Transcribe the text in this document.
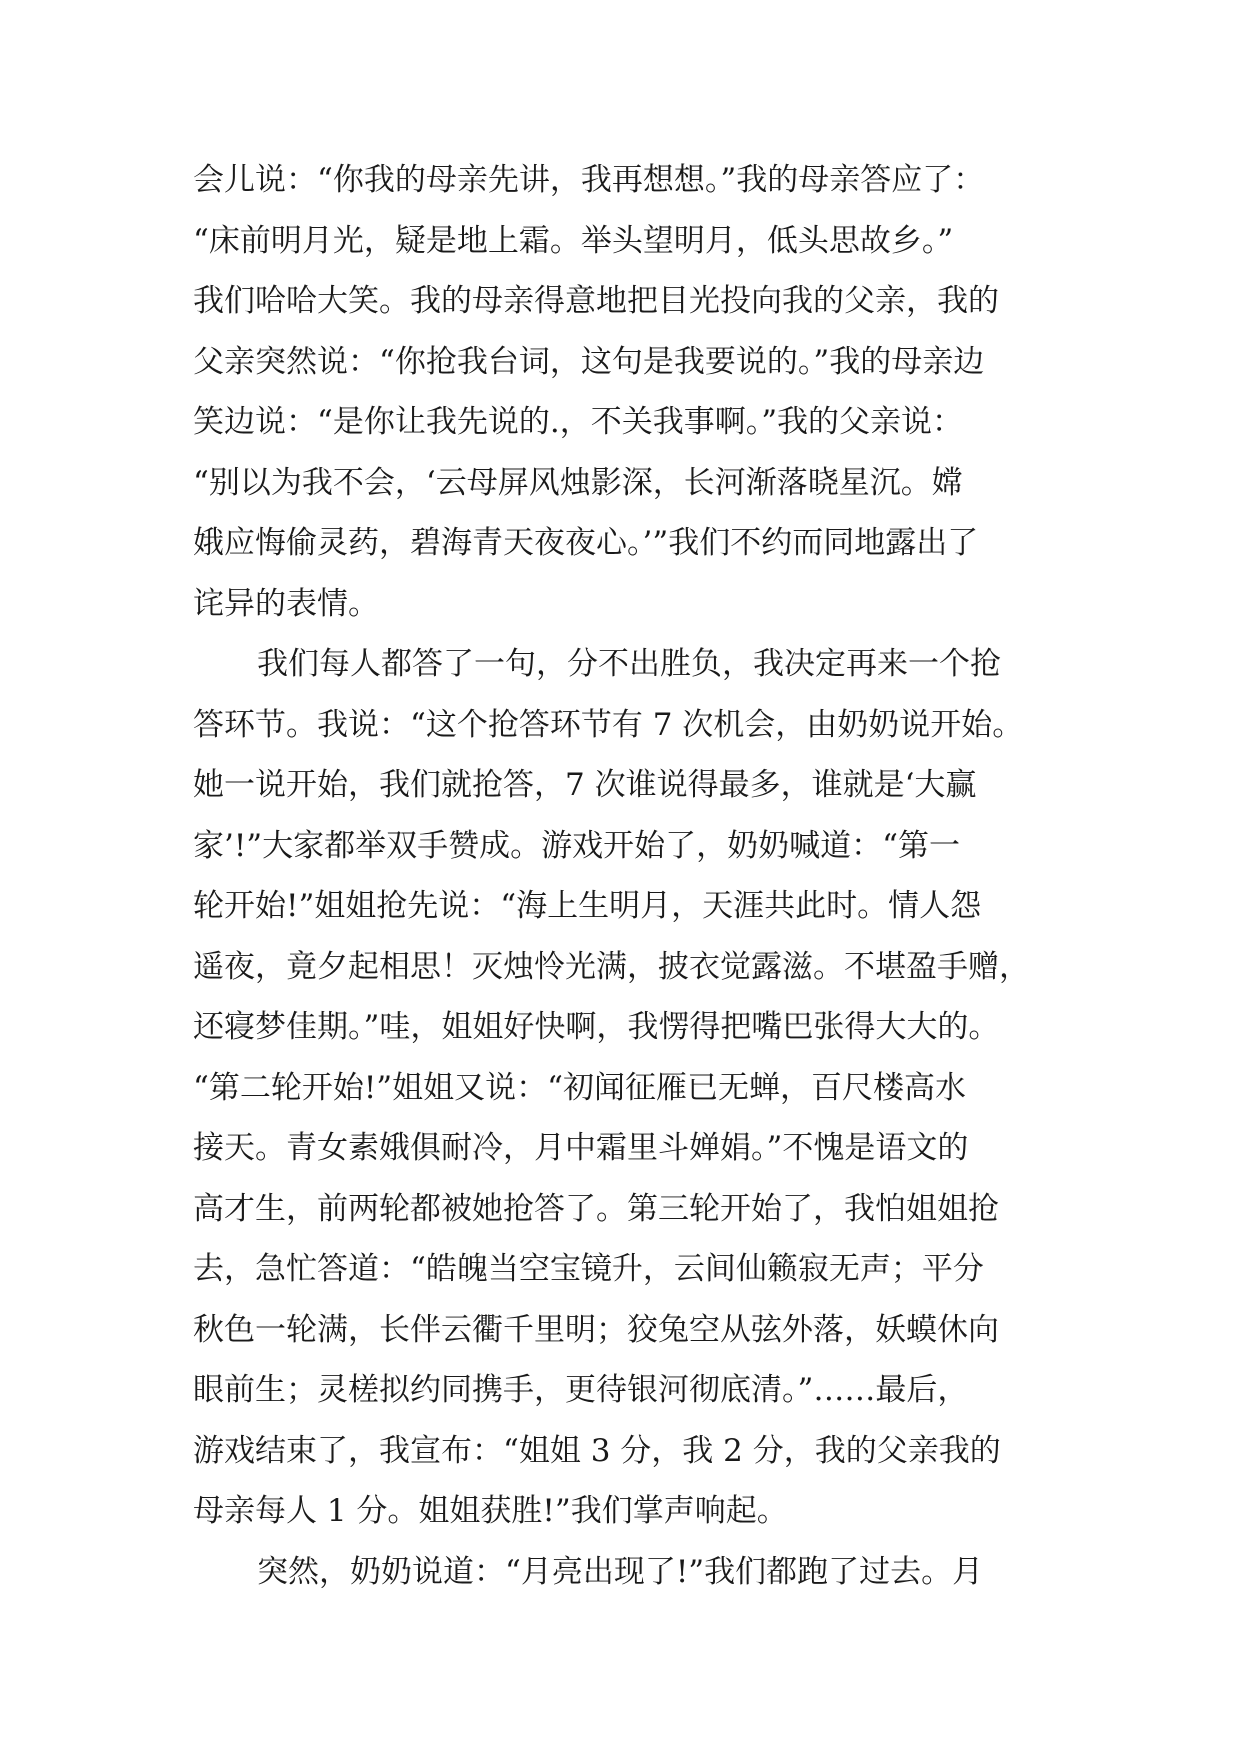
会儿说：“你我的母亲先讲，我再想想。”我的母亲答应了：
“床前明月光，疑是地上霜。举头望明月，低头思故乡。”
我们哈哈大笑。我的母亲得意地把目光投向我的父亲，我的
父亲突然说：“你抢我台词，这句是我要说的。”我的母亲边
笑边说：“是你让我先说的.，不关我事啊。”我的父亲说：
“别以为我不会，‘云母屏风烛影深，长河渐落晓星沉。嫦
娥应悔偷灵药，碧海青天夜夜心。’”我们不约而同地露出了
诧异的表情。
我们每人都答了一句，分不出胜负，我决定再来一个抢
答环节。我说：“这个抢答环节有 7 次机会，由奶奶说开始。
她一说开始，我们就抢答，7 次谁说得最多，谁就是‘大赢
家’!”大家都举双手赞成。游戏开始了，奶奶喊道：“第一
轮开始!”姐姐抢先说：“海上生明月，天涯共此时。情人怨
遥夜，竟夕起相思！灭烛怜光满，披衣觉露滋。不堪盈手赠，
还寝梦佳期。”哇，姐姐好快啊，我愣得把嘴巴张得大大的。
“第二轮开始!”姐姐又说：“初闻征雁已无蝉，百尺楼高水
接天。青女素娥俱耐冷，月中霜里斗婵娟。”不愧是语文的
高才生，前两轮都被她抢答了。第三轮开始了，我怕姐姐抢
去，急忙答道：“皓魄当空宝镜升，云间仙籁寂无声；平分
秋色一轮满，长伴云衢千里明；狡兔空从弦外落，妖蟆休向
眼前生；灵槎拟约同携手，更待银河彻底清。”……最后，
游戏结束了，我宣布：“姐姐 3 分，我 2 分，我的父亲我的
母亲每人 1 分。姐姐获胜!”我们掌声响起。
突然，奶奶说道：“月亮出现了!”我们都跑了过去。月
